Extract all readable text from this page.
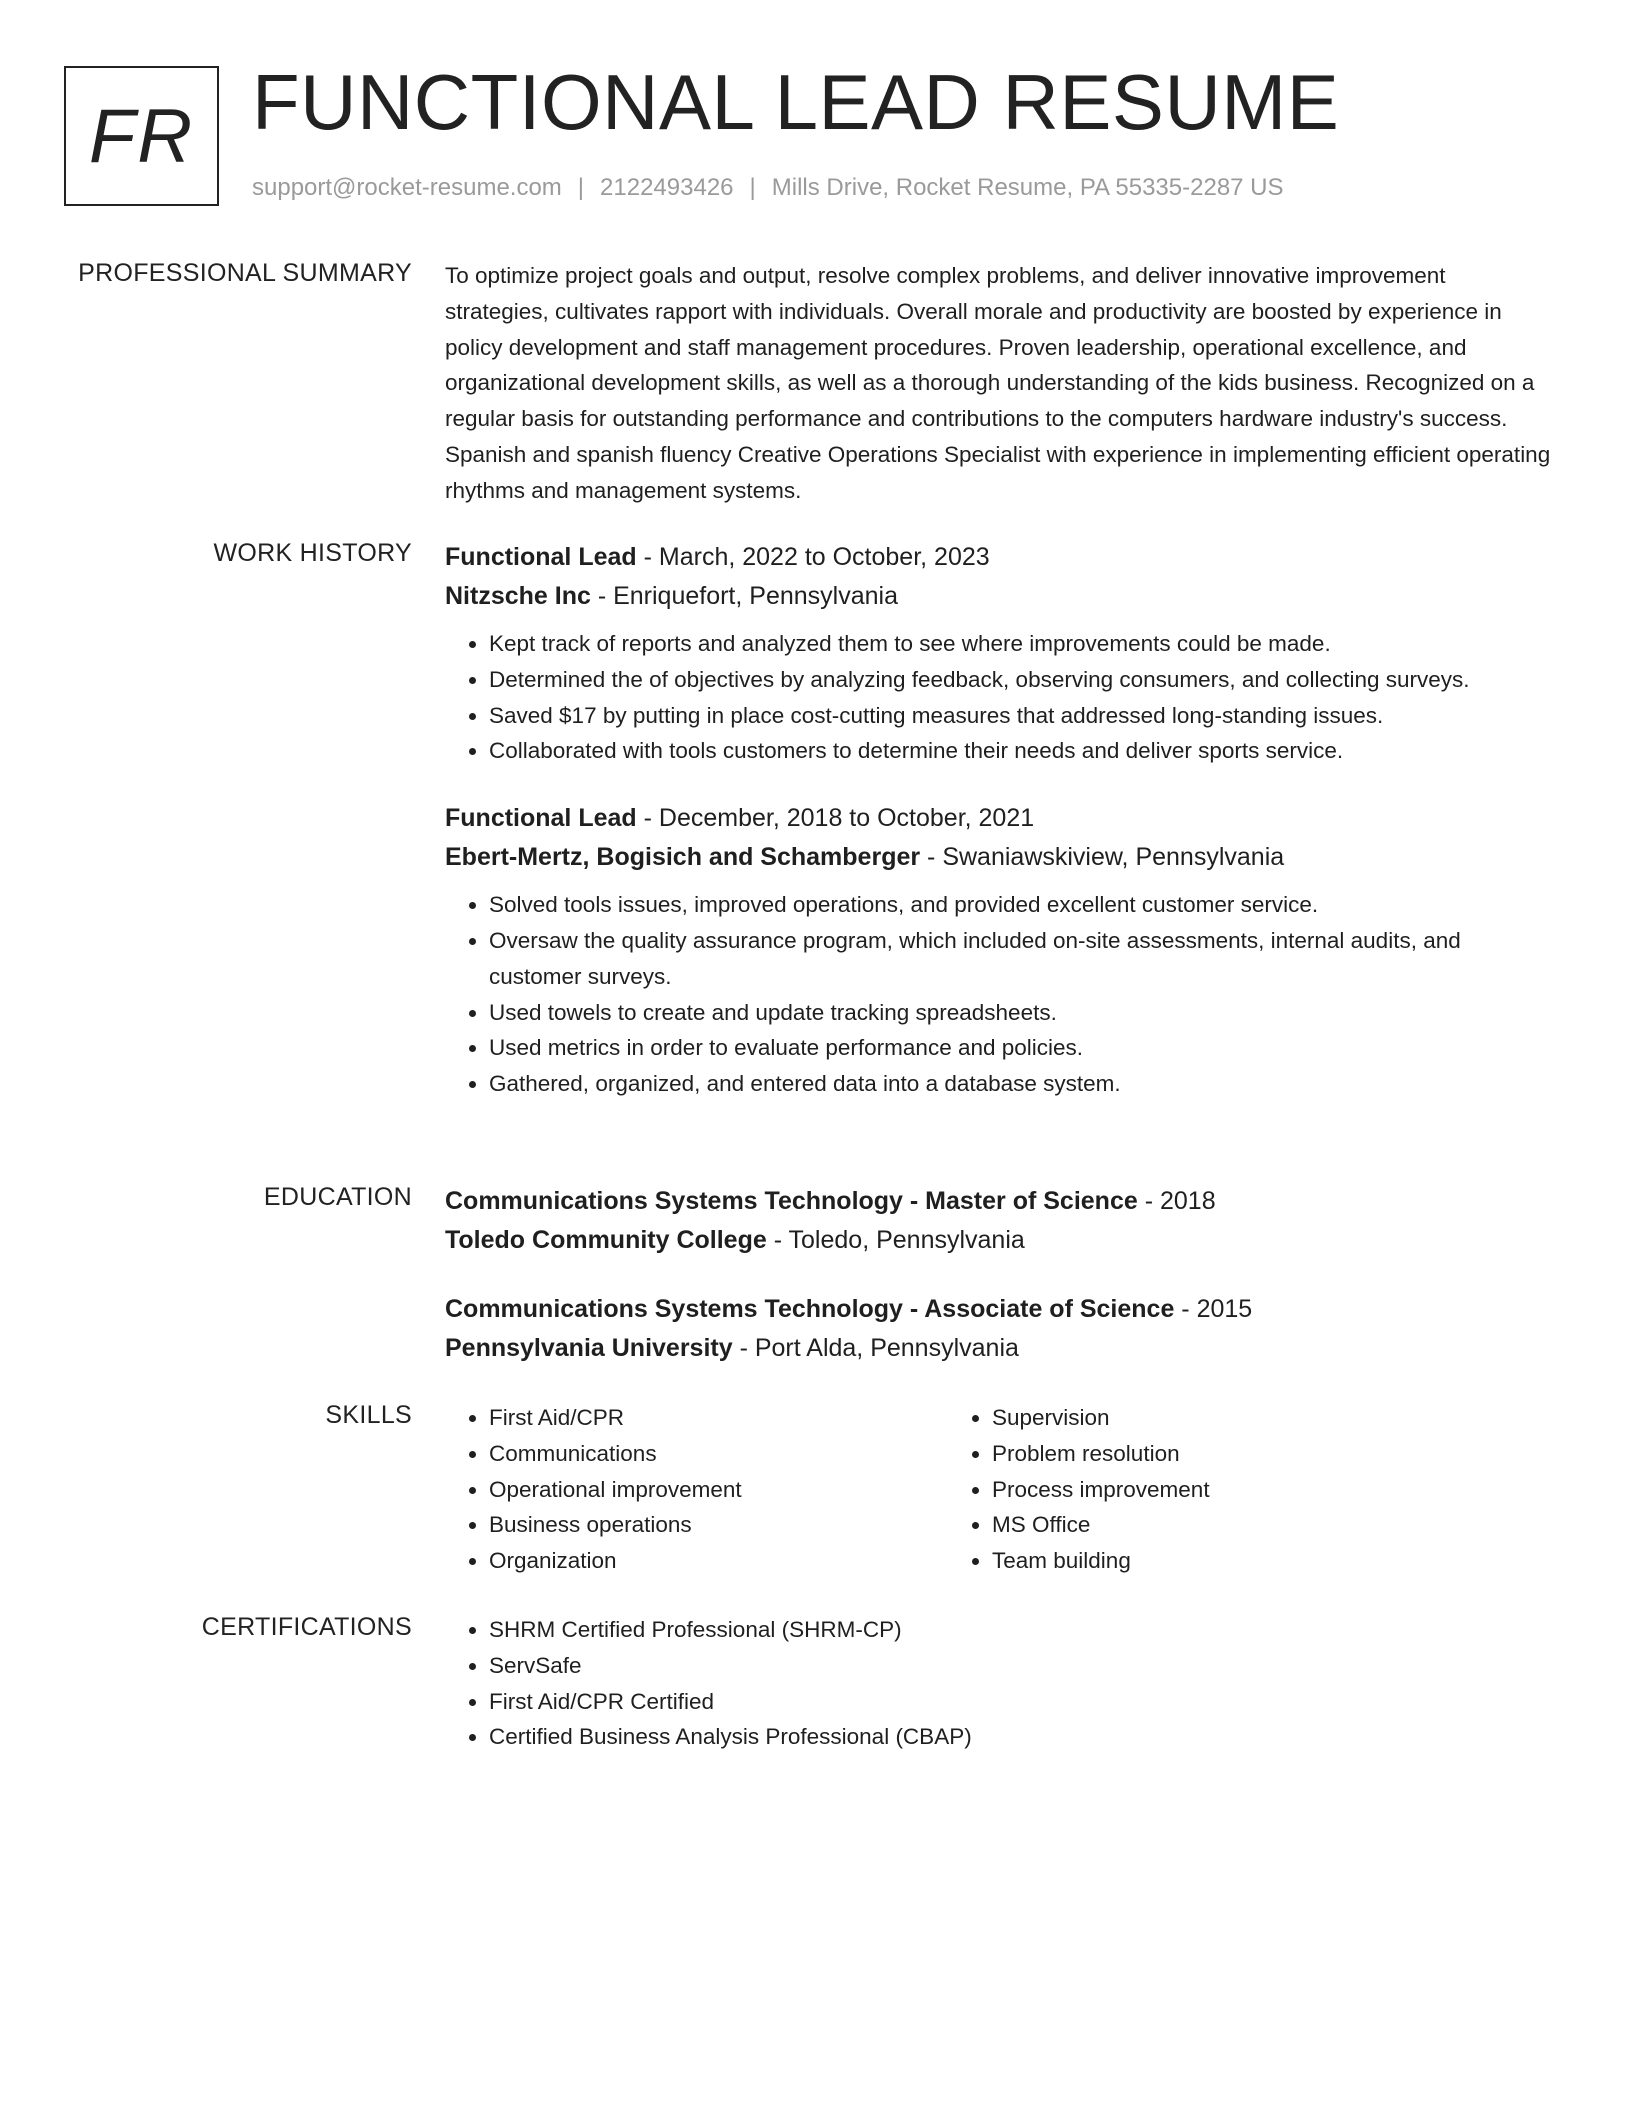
FR FUNCTIONAL LEAD RESUME
support@rocket-resume.com | 2122493426 | Mills Drive, Rocket Resume, PA 55335-2287 US
PROFESSIONAL SUMMARY To optimize project goals and output, resolve complex problems, and deliver innovative improvement strategies, cultivates rapport with individuals. Overall morale and productivity are boosted by experience in policy development and staff management procedures. Proven leadership, operational excellence, and organizational development skills, as well as a thorough understanding of the kids business. Recognized on a regular basis for outstanding performance and contributions to the computers hardware industry's success. Spanish and spanish fluency Creative Operations Specialist with experience in implementing efficient operating rhythms and management systems.

WORK HISTORY Functional Lead - March, 2022 to October, 2023
Nitzsche Inc - Enriquefort, Pennsylvania
• Kept track of reports and analyzed them to see where improvements could be made.
• Determined the of objectives by analyzing feedback, observing consumers, and collecting surveys.
• Saved $17 by putting in place cost-cutting measures that addressed long-standing issues.
• Collaborated with tools customers to determine their needs and deliver sports service.
Functional Lead - December, 2018 to October, 2021
Ebert-Mertz, Bogisich and Schamberger - Swaniawskiview, Pennsylvania
• Solved tools issues, improved operations, and provided excellent customer service.
• Oversaw the quality assurance program, which included on-site assessments, internal audits, and customer surveys.
• Used towels to create and update tracking spreadsheets.
• Used metrics in order to evaluate performance and policies.
• Gathered, organized, and entered data into a database system.
EDUCATION Communications Systems Technology - Master of Science - 2018
Toledo Community College - Toledo, Pennsylvania
Communications Systems Technology - Associate of Science - 2015
Pennsylvania University - Port Alda, Pennsylvania
SKILLS	• First Aid/CPR
• Communications
• Operational improvement
• Business operations
• Organization
• Supervision
• Problem resolution
• Process improvement
• MS Office
• Team building
CERTIFICATIONS	• SHRM Certified Professional (SHRM-CP)
• ServSafe
• First Aid/CPR Certified
• Certified Business Analysis Professional (CBAP)
